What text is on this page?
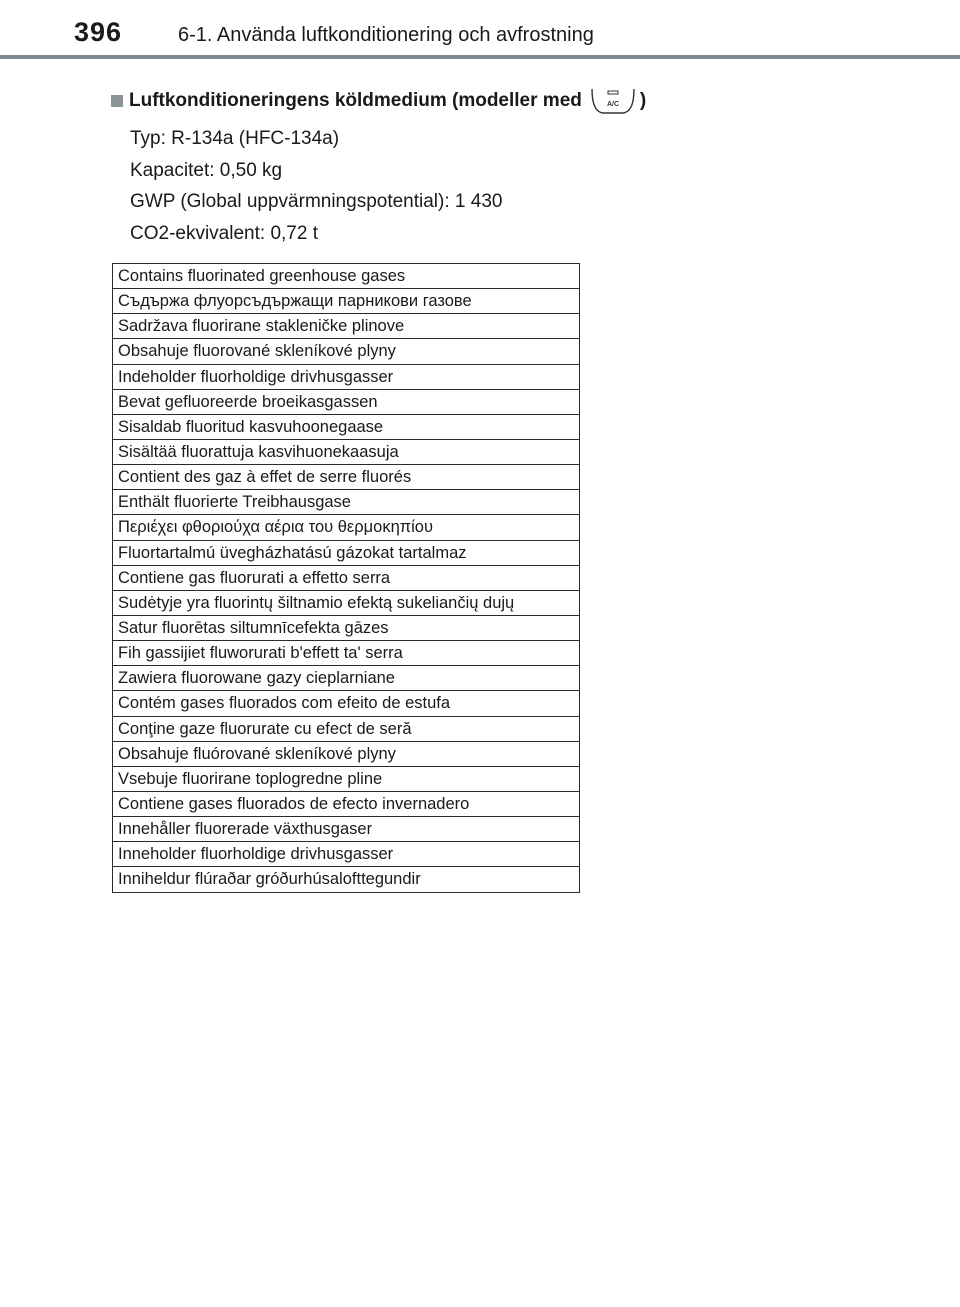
396	6-1. Använda luftkonditionering och avfrostning
Luftkonditioneringens köldmedium (modeller med	A/C )
Typ: R-134a (HFC-134a)
Kapacitet: 0,50 kg
GWP (Global uppvärmningspotential): 1 430
CO2-ekvivalent: 0,72 t
Contains fluorinated greenhouse gases
Съдържа флуорсъдържащи парникови газове
Sadržava fluorirane stakleničke plinove
Obsahuje fluorované skleníkové plyny
Indeholder fluorholdige drivhusgasser
Bevat gefluoreerde broeikasgassen
Sisaldab fluoritud kasvuhoonegaase
Sisältää fluorattuja kasvihuonekaasuja
Contient des gaz à effet de serre fluorés
Enthält fluorierte Treibhausgase
Περιέχει φθοριούχα αέρια του θερμοκηπίου
Fluortartalmú üvegházhatású gázokat tartalmaz
Contiene gas fluorurati a effetto serra
Sudėtyje yra fluorintų šiltnamio efektą sukeliančių dujų
Satur fluorētas siltumnīcefekta gāzes
Fih gassijiet fluworurati b'effett ta' serra
Zawiera fluorowane gazy cieplarniane
Contém gases fluorados com efeito de estufa
Conţine gaze fluorurate cu efect de seră
Obsahuje fluórované skleníkové plyny
Vsebuje fluorirane toplogredne pline
Contiene gases fluorados de efecto invernadero
Innehåller fluorerade växthusgaser
Inneholder fluorholdige drivhusgasser
Inniheldur flúraðar gróðurhúsalofttegundir
